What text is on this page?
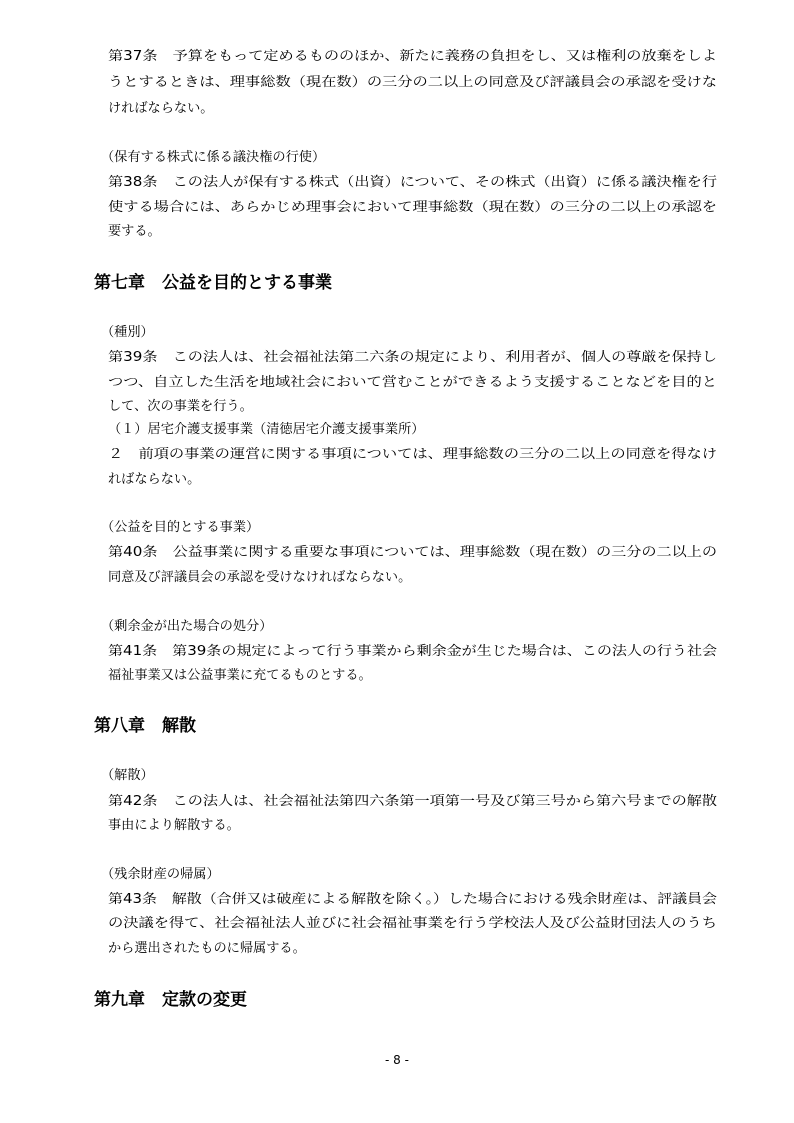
第37条　予算をもって定めるもののほか、新たに義務の負担をし、又は権利の放棄をしよ
うとするときは、理事総数（現在数）の三分の二以上の同意及び評議員会の承認を受けな
ければならない。
（保有する株式に係る議決権の行使）
第38条　この法人が保有する株式（出資）について、その株式（出資）に係る議決権を行
使する場合には、あらかじめ理事会において理事総数（現在数）の三分の二以上の承認を
要する。
第七章　公益を目的とする事業
（種別）
第39条　この法人は、社会福祉法第二六条の規定により、利用者が、個人の尊厳を保持し
つつ、自立した生活を地域社会において営むことができるよう支援することなどを目的と
して、次の事業を行う。
（１）居宅介護支援事業（清徳居宅介護支援事業所）
２　前項の事業の運営に関する事項については、理事総数の三分の二以上の同意を得なけ
ればならない。
（公益を目的とする事業）
第40条　公益事業に関する重要な事項については、理事総数（現在数）の三分の二以上の
同意及び評議員会の承認を受けなければならない。
（剰余金が出た場合の処分）
第41条　第39条の規定によって行う事業から剰余金が生じた場合は、この法人の行う社会
福祉事業又は公益事業に充てるものとする。
第八章　解散
（解散）
第42条　この法人は、社会福祉法第四六条第一項第一号及び第三号から第六号までの解散
事由により解散する。
（残余財産の帰属）
第43条　解散（合併又は破産による解散を除く。）した場合における残余財産は、評議員会
の決議を得て、社会福祉法人並びに社会福祉事業を行う学校法人及び公益財団法人のうち
から選出されたものに帰属する。
第九章　定款の変更
- 8 -
